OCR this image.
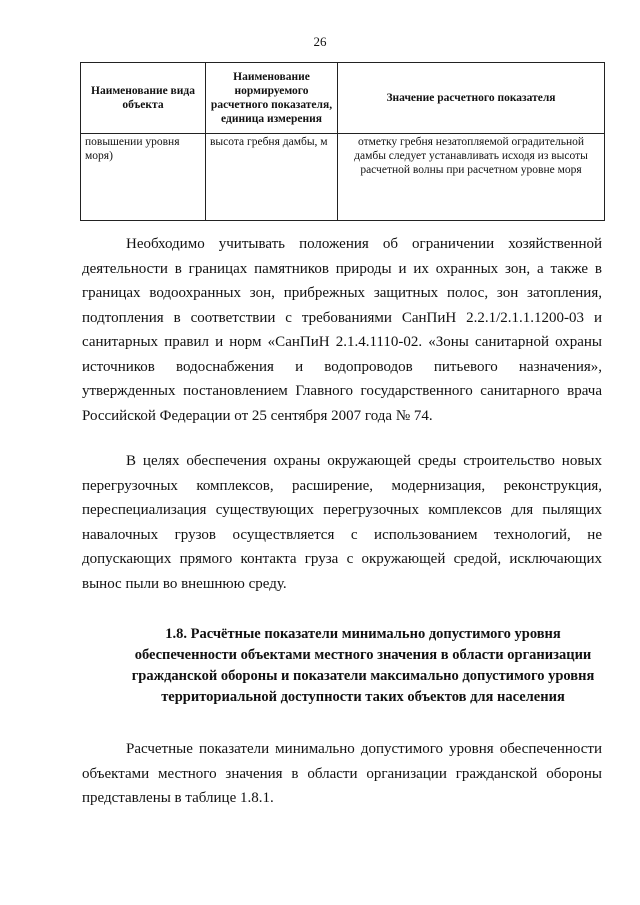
26
Наименование вида объекта	Наименование нормируемого расчетного показателя, единица измерения	Значение расчетного показателя
повышении уровня моря)	высота гребня дамбы, м	отметку гребня незатопляемой оградительной дамбы следует устанавливать исходя из высоты расчетной волны при расчетном уровне моря

Необходимо учитывать положения об ограничении хозяйственной деятельности в границах памятников природы и их охранных зон, а также в границах водоохранных зон, прибрежных защитных полос, зон затопления, подтопления в соответствии с требованиями СанПиН 2.2.1/2.1.1.1200-03 и санитарных правил и норм «СанПиН 2.1.4.1110-02. «Зоны санитарной охраны источников водоснабжения и водопроводов питьевого назначения», утвержденных постановлением Главного государственного санитарного врача Российской Федерации от 25 сентября 2007 года № 74.

В целях обеспечения охраны окружающей среды строительство новых перегрузочных комплексов, расширение, модернизация, реконструкция, переспециализация существующих перегрузочных комплексов для пылящих навалочных грузов осуществляется с использованием технологий, не допускающих прямого контакта груза с окружающей средой, исключающих вынос пыли во внешнюю среду.

1.8. Расчётные показатели минимально допустимого уровня обеспеченности объектами местного значения в области организации гражданской обороны и показатели максимально допустимого уровня территориальной доступности таких объектов для населения

Расчетные показатели минимально допустимого уровня обеспеченности объектами местного значения в области организации гражданской обороны представлены в таблице 1.8.1.
